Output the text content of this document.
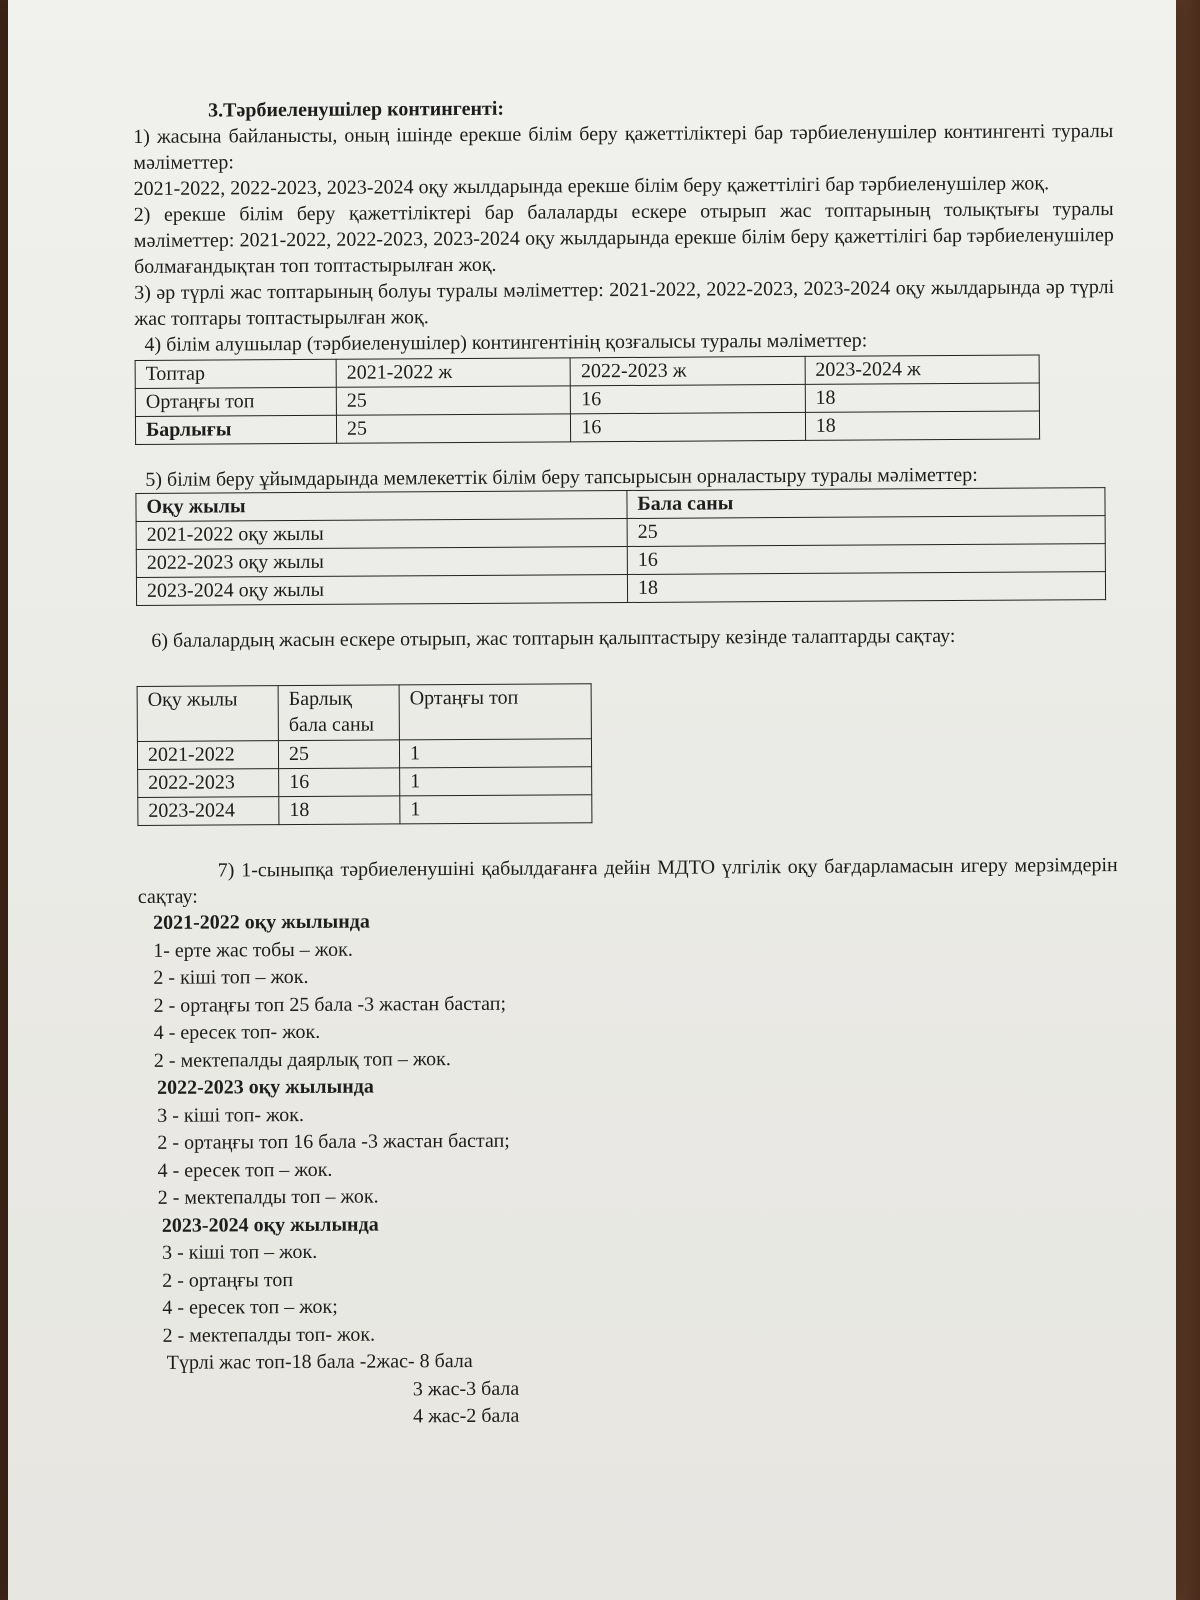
3.Тәрбиеленушілер контингенті:

1) жасына байланысты, оның ішінде ерекше білім беру қажеттіліктері бар тәрбиеленушілер контингенті туралы мәліметтер:

2021-2022, 2022-2023, 2023-2024 оқу жылдарында ерекше білім беру қажеттілігі бар тәрбиеленушілер жоқ.

2) ерекше білім беру қажеттіліктері бар балаларды ескере отырып жас топтарының толықтығы туралы мәліметтер: 2021-2022, 2022-2023, 2023-2024 оқу жылдарында ерекше білім беру қажеттілігі бар тәрбиеленушілер болмағандықтан топ топтастырылған жоқ.

3) әр түрлі жас топтарының болуы туралы мәліметтер: 2021-2022, 2022-2023, 2023-2024 оқу жылдарында әр түрлі жас топтары топтастырылған жоқ.

4) білім алушылар (тәрбиеленушілер) контингентінің қозғалысы туралы мәліметтер:

Топтар	2021-2022 ж	2022-2023 ж	2023-2024 ж
Ортаңғы топ	25	16	18
Барлығы	25	16	18

5) білім беру ұйымдарында мемлекеттік білім беру тапсырысын орналастыру туралы мәліметтер:

Оқу жылы	Бала саны
2021-2022 оқу жылы	25
2022-2023 оқу жылы	16
2023-2024 оқу жылы	18

6) балалардың жасын ескере отырып, жас топтарын қалыптастыру кезінде талаптарды сақтау:

Оқу жылы	Барлық бала саны	Ортаңғы топ
2021-2022	25	1
2022-2023	16	1
2023-2024	18	1

7) 1-сыныпқа тәрбиеленушіні қабылдағанға дейін МДТО үлгілік оқу бағдарламасын игеру мерзімдерін сақтау:

2021-2022 оқу жылында
1- ерте жас тобы – жок.
2 - кіші топ – жок.
2 - ортаңғы топ 25 бала -3 жастан бастап;
4 - ересек топ- жок.
2 - мектепалды даярлық топ – жок.
2022-2023 оқу жылында
3 - кіші топ- жок.
2 - ортаңғы топ 16 бала -3 жастан бастап;
4 - ересек топ – жок.
2 - мектепалды топ – жок.
2023-2024 оқу жылында
3 - кіші топ – жок.
2 - ортаңғы топ
4 - ересек топ – жок;
2 - мектепалды топ- жок.
Түрлі жас топ-18 бала -2жас- 8 бала
3 жас-3 бала
4 жас-2 бала
